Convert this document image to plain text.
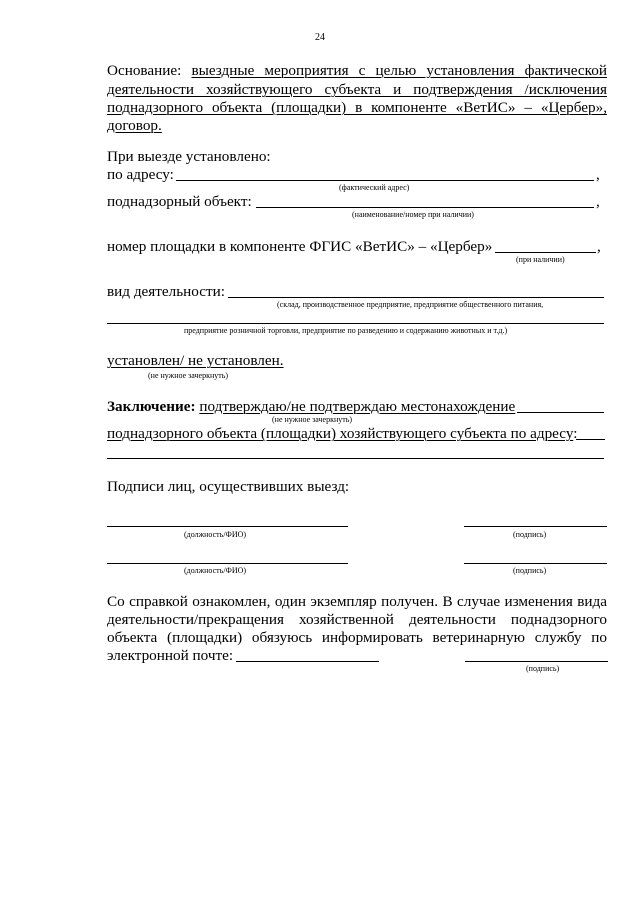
24
Основание: выездные мероприятия с целью установления фактической
деятельности хозяйствующего субъекта и подтверждения /исключения
поднадзорного объекта (площадки) в компоненте «ВетИС» – «Цербер»,
договор.
При выезде установлено:
по адресу:	,
(фактический адрес)
поднадзорный объект:	,
(наименование/номер при наличии)
номер площадки в компоненте ФГИС «ВетИС» – «Цербер»	,
(при наличии)
вид деятельности:
(склад, производственное предприятие, предприятие общественного питания,
предприятие розничной торговли, предприятие по разведению и содержанию животных и т.д.)
установлен/ не установлен.
(не нужное зачеркнуть)
Заключение: подтверждаю/не подтверждаю местонахождение
(не нужное зачеркнуть)
поднадзорного объекта (площадки) хозяйствующего субъекта по адресу:
Подписи лиц, осуществивших выезд:
(должность/ФИО)	(подпись)
(должность/ФИО)	(подпись)
Со справкой ознакомлен, один экземпляр получен. В случае изменения вида
деятельности/прекращения хозяйственной деятельности поднадзорного
объекта (площадки) обязуюсь информировать ветеринарную службу по
электронной почте:
(подпись)
